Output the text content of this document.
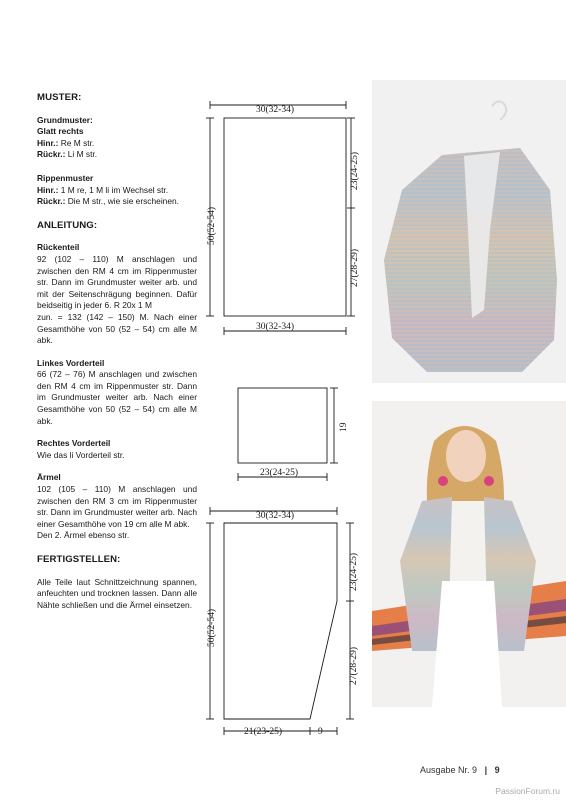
MUSTER:

Grundmuster:

Glatt rechts

Hinr.: Re M str.

Rückr.: Li M str.

Rippenmuster

Hinr.: 1 M re, 1 M li im Wechsel str.

Rückr.: Die M str., wie sie erscheinen.

ANLEITUNG:

Rückenteil

92 (102 – 110) M anschlagen und zwischen den RM 4 cm im Rippenmuster str. Dann im Grundmuster weiter arb. und mit der Seitenschrägung beginnen. Dafür beidseitig in jeder 6. R 20x 1 M

zun. = 132 (142 – 150) M. Nach einer Gesamthöhe von 50 (52 – 54) cm alle M abk.

Linkes Vorderteil

66 (72 – 76) M anschlagen und zwischen den RM 4 cm im Rippenmuster str. Dann im Grundmuster weiter arb. Nach einer Gesamthöhe von 50 (52 – 54) cm alle M abk.

Rechtes Vorderteil

Wie das li Vorderteil str.

Ärmel

102 (105 – 110) M anschlagen und zwischen den RM 3 cm im Rippenmuster str. Dann im Grundmuster weiter arb. Nach einer Gesamthöhe von 19 cm alle M abk.

Den 2. Ärmel ebenso str.

FERTIGSTELLEN:

Alle Teile laut Schnittzeichnung spannen, anfeuchten und trocknen lassen. Dann alle Nähte schließen und die Ärmel einsetzen.

30(32-34)
30(32-34)
50(52-54)
23(24-25)
27(28-29)
19
23(24-25)
30(32-34)
50(52-54)
23(24-25)
27(28-29)
21(23-25)	9
Ausgabe Nr. 9 | 9
PassionForum.ru
